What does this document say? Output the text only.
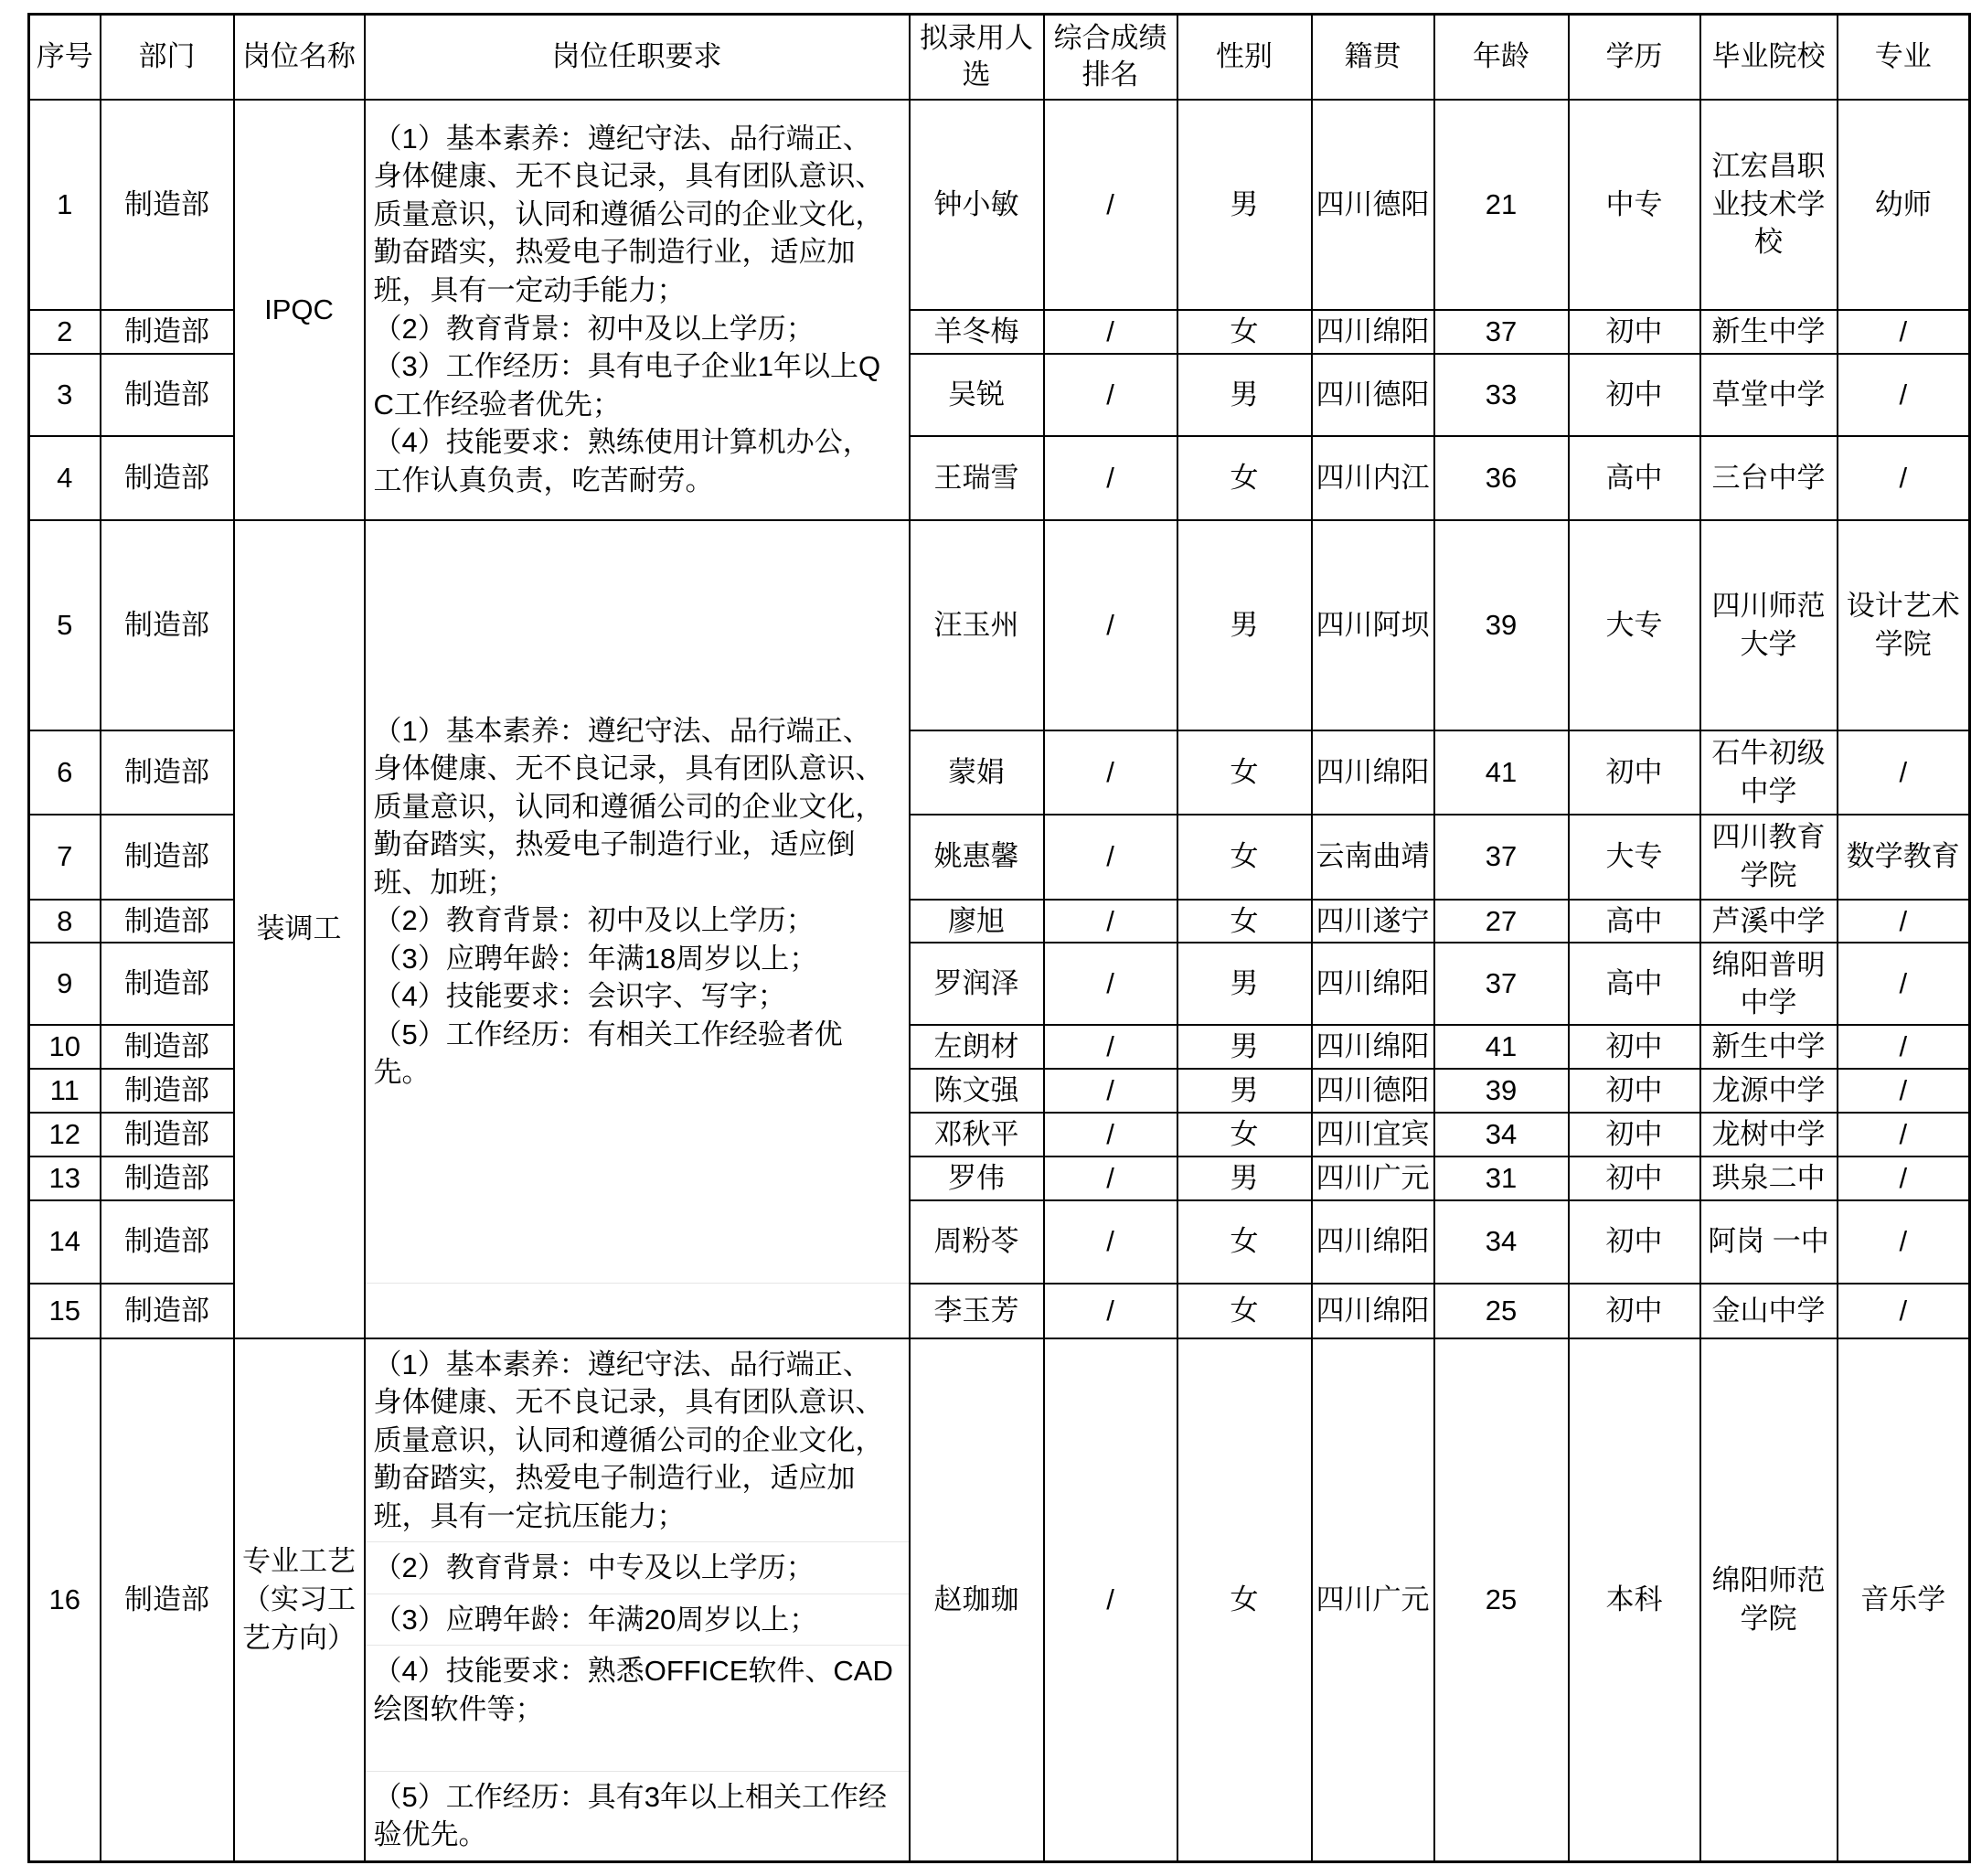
序号	部门	岗位名称	岗位任职要求	拟录用人选	综合成绩排名	性别	籍贯	年龄	学历	毕业院校	专业
1	制造部	IPQC	（1）基本素养：遵纪守法、品行端正、身体健康、无不良记录，具有团队意识、质量意识，认同和遵循公司的企业文化，勤奋踏实，热爱电子制造行业，适应加班，具有一定动手能力；
（2）教育背景：初中及以上学历；
（3）工作经历：具有电子企业1年以上QC工作经验者优先；
（4）技能要求：熟练使用计算机办公，工作认真负责，吃苦耐劳。	钟小敏	/	男	四川德阳	21	中专	江宏昌职业技术学校	幼师
2	制造部			羊冬梅	/	女	四川绵阳	37	初中	新生中学	/
3	制造部			吴锐	/	男	四川德阳	33	初中	草堂中学	/
4	制造部			王瑞雪	/	女	四川内江	36	高中	三台中学	/
5	制造部	装调工	（1）基本素养：遵纪守法、品行端正、身体健康、无不良记录，具有团队意识、质量意识，认同和遵循公司的企业文化，勤奋踏实，热爱电子制造行业，适应倒班、加班；
（2）教育背景：初中及以上学历；
（3）应聘年龄：年满18周岁以上；
（4）技能要求：会识字、写字；
（5）工作经历：有相关工作经验者优先。	汪玉州	/	男	四川阿坝	39	大专	四川师范大学	设计艺术学院
6	制造部			蒙娟	/	女	四川绵阳	41	初中	石牛初级中学	/
7	制造部			姚惠馨	/	女	云南曲靖	37	大专	四川教育学院	数学教育
8	制造部			廖旭	/	女	四川遂宁	27	高中	芦溪中学	/
9	制造部			罗润泽	/	男	四川绵阳	37	高中	绵阳普明中学	/
10	制造部			左朗材	/	男	四川绵阳	41	初中	新生中学	/
11	制造部			陈文强	/	男	四川德阳	39	初中	龙源中学	/
12	制造部			邓秋平	/	女	四川宜宾	34	初中	龙树中学	/
13	制造部			罗伟	/	男	四川广元	31	初中	珙泉二中	/
14	制造部			周粉苓	/	女	四川绵阳	34	初中	阿岗 一中	/
15	制造部			李玉芳	/	女	四川绵阳	25	初中	金山中学	/
16	制造部	专业工艺（实习工艺方向）	（1）基本素养：遵纪守法、品行端正、身体健康、无不良记录，具有团队意识、质量意识，认同和遵循公司的企业文化，勤奋踏实，热爱电子制造行业，适应加班，具有一定抗压能力；
（2）教育背景：中专及以上学历；
（3）应聘年龄：年满20周岁以上；
（4）技能要求：熟悉OFFICE软件、CAD绘图软件等；
（5）工作经历：具有3年以上相关工作经验优先。	赵珈珈	/	女	四川广元	25	本科	绵阳师范学院	音乐学
